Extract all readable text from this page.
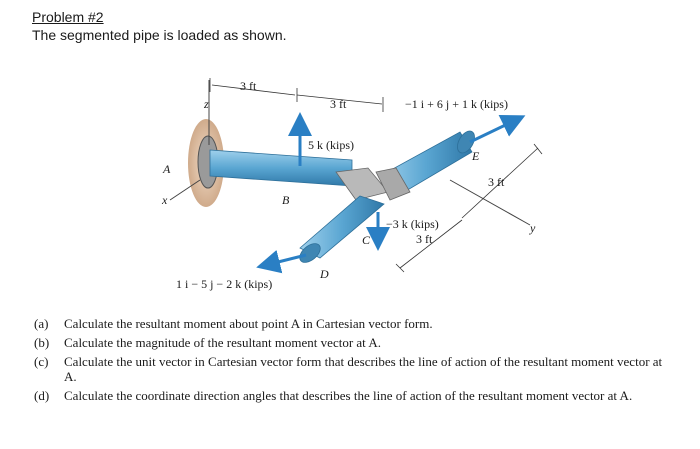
Problem #2
The segmented pipe is loaded as shown.
3 ft
3 ft	−1 i + 6 j + 1 k (kips)
5 k (kips)
−3 k (kips)
1 i − 5 j − 2 k (kips)
3 ft
3 ft
A
B
C
D
E
x
y
z
(a)	Calculate the resultant moment about point A in Cartesian vector form.
(b)	Calculate the magnitude of the resultant moment vector at A.
(c)	Calculate the unit vector in Cartesian vector form that describes the line of action of the resultant moment vector at A.
(d)	Calculate the coordinate direction angles that describes the line of action of the resultant moment vector at A.
